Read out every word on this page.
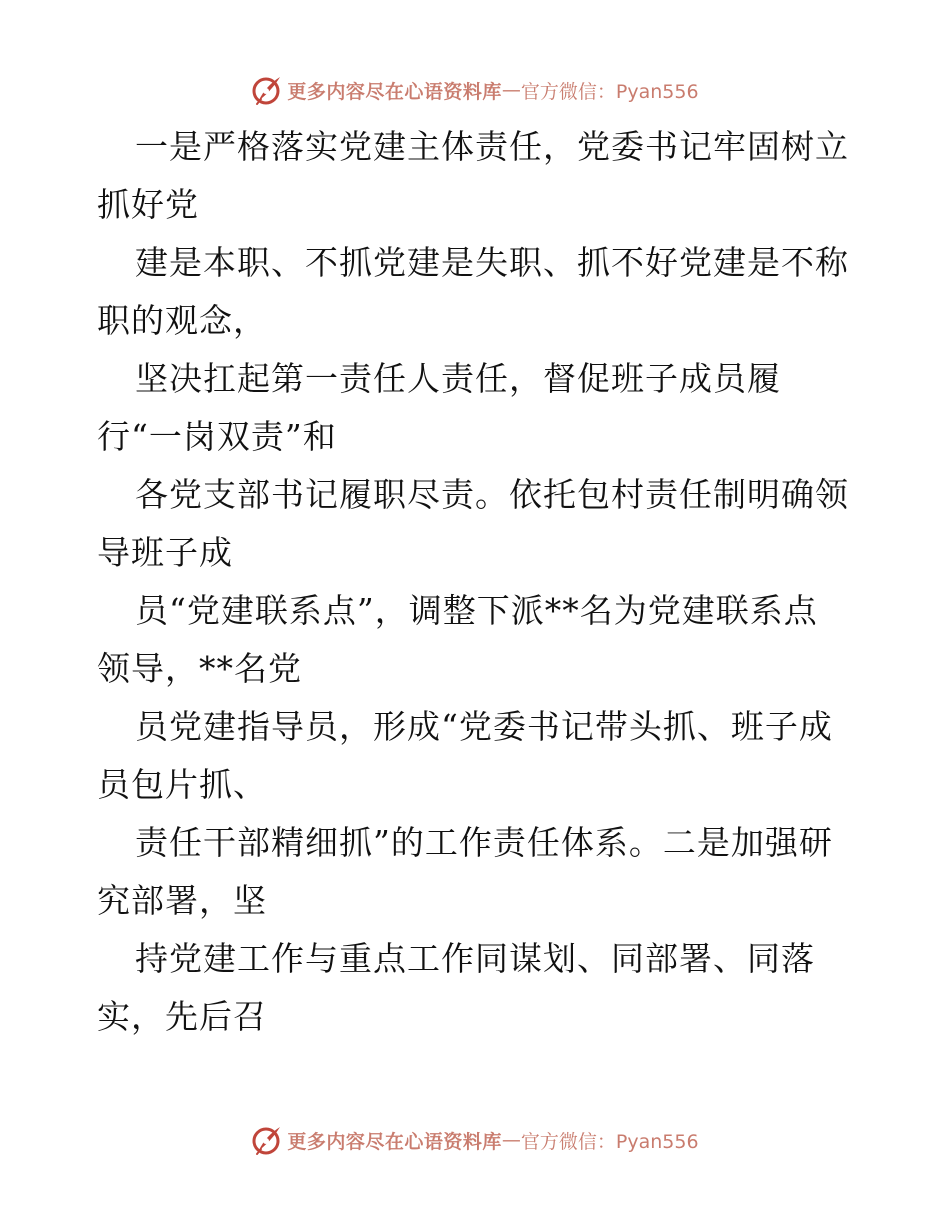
更多内容尽在心语资料库 — 官方微信：Pyan556
一是严格落实党建主体责任，党委书记牢固树立
抓好党
建是本职、不抓党建是失职、抓不好党建是不称
职的观念，
坚决扛起第一责任人责任，督促班子成员履
行“一岗双责”和
各党支部书记履职尽责。依托包村责任制明确领
导班子成
员“党建联系点”，调整下派**名为党建联系点
领导，**名党
员党建指导员，形成“党委书记带头抓、班子成
员包片抓、
责任干部精细抓”的工作责任体系。二是加强研
究部署，坚
持党建工作与重点工作同谋划、同部署、同落
实，先后召
更多内容尽在心语资料库 — 官方微信：Pyan556
